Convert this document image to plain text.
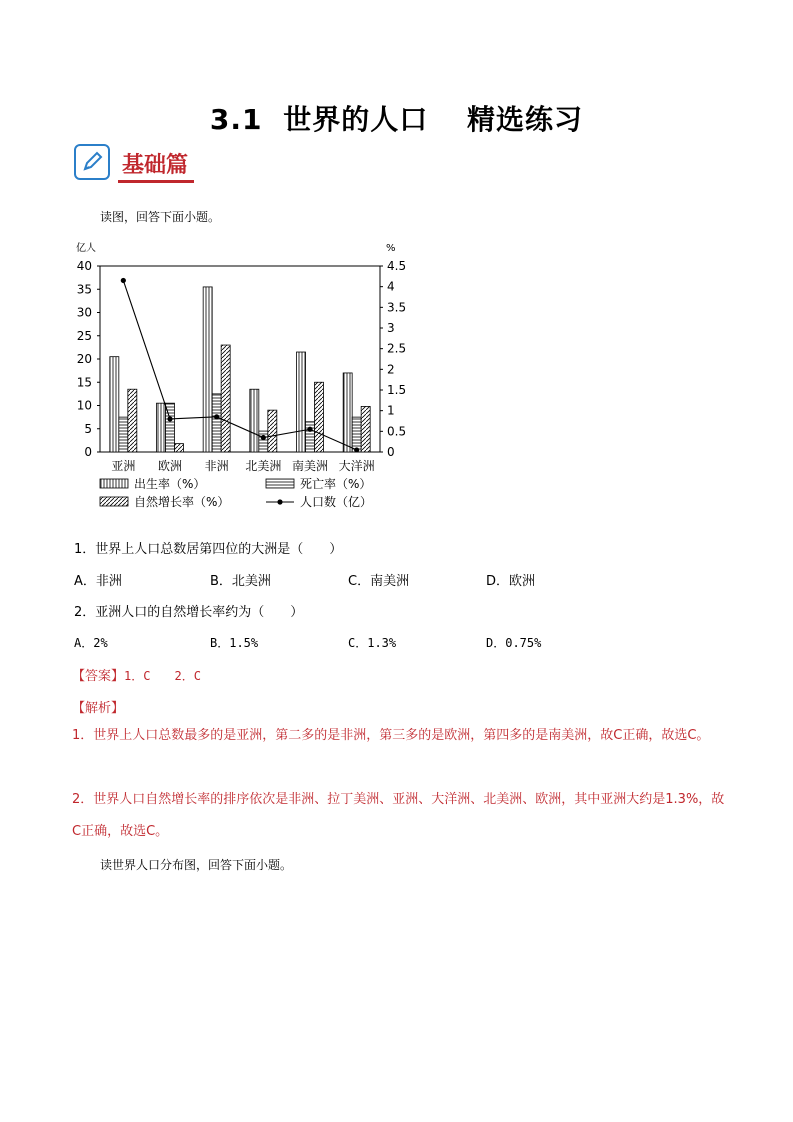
3.1 世界的人口 精选练习
基础篇
读图，回答下面小题。
亿人	%
0
5
10
15
20
25
30
35
40
0
0.5
1
1.5
2
2.5
3
3.5
4
4.5
亚洲 欧洲 非洲 北美洲 南美洲 大洋洲
出生率（%）	死亡率（%）
自然增长率（%）	人口数（亿）
1．世界上人口总数居第四位的大洲是（　　）
A．非洲	B．北美洲	C．南美洲	D．欧洲
2．亚洲人口的自然增长率约为（　　）
A．2%	B．1.5%	C．1.3%	D．0.75%
【答案】1．C　　2．C
【解析】
1．世界上人口总数最多的是亚洲，第二多的是非洲，第三多的是欧洲，第四多的是南美洲，故C正确，故选C。
2．世界人口自然增长率的排序依次是非洲、拉丁美洲、亚洲、大洋洲、北美洲、欧洲，其中亚洲大约是1.3%，故C正确，故选C。
读世界人口分布图，回答下面小题。
